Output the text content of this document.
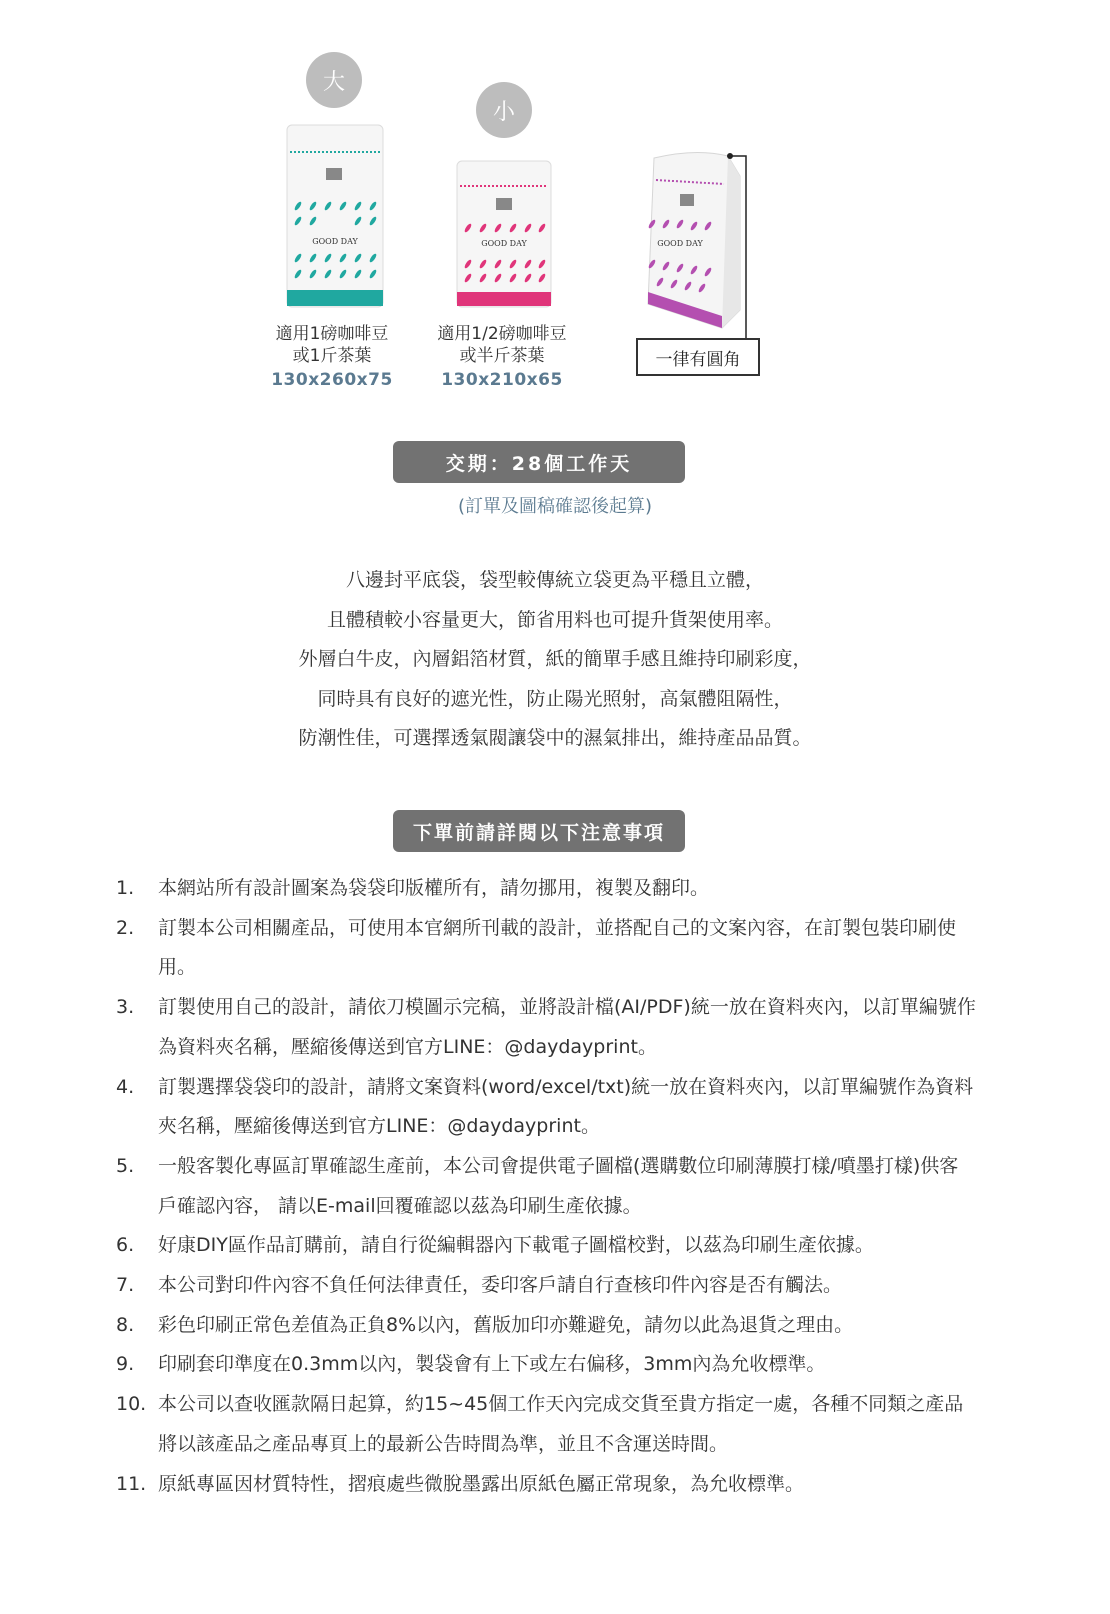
大
小
GOOD DAY	GOOD DAY	GOOD DAY
適用1磅咖啡豆
或1斤茶葉
130x260x75
適用1/2磅咖啡豆
或半斤茶葉
130x210x65
一律有圓角
交期：28個工作天
(訂單及圖稿確認後起算)
八邊封平底袋，袋型較傳統立袋更為平穩且立體，
且體積較小容量更大，節省用料也可提升貨架使用率。
外層白牛皮，內層鋁箔材質，紙的簡單手感且維持印刷彩度，
同時具有良好的遮光性，防止陽光照射，高氣體阻隔性，
防潮性佳，可選擇透氣閥讓袋中的濕氣排出，維持產品品質。
下單前請詳閱以下注意事項
1. 本網站所有設計圖案為袋袋印版權所有，請勿挪用，複製及翻印。
2. 訂製本公司相關產品，可使用本官網所刊載的設計，並搭配自己的文案內容，在訂製包裝印刷使用。
3. 訂製使用自己的設計，請依刀模圖示完稿，並將設計檔(AI/PDF)統一放在資料夾內，以訂單編號作為資料夾名稱，壓縮後傳送到官方LINE：@daydayprint。
4. 訂製選擇袋袋印的設計，請將文案資料(word/excel/txt)統一放在資料夾內，以訂單編號作為資料夾名稱，壓縮後傳送到官方LINE：@daydayprint。
5. 一般客製化專區訂單確認生產前，本公司會提供電子圖檔(選購數位印刷薄膜打樣/噴墨打樣)供客戶確認內容， 請以E-mail回覆確認以茲為印刷生產依據。
6. 好康DIY區作品訂購前，請自行從編輯器內下載電子圖檔校對，以茲為印刷生產依據。
7. 本公司對印件內容不負任何法律責任，委印客戶請自行查核印件內容是否有觸法。
8. 彩色印刷正常色差值為正負8%以內，舊版加印亦難避免，請勿以此為退貨之理由。
9. 印刷套印準度在0.3mm以內，製袋會有上下或左右偏移，3mm內為允收標準。
10. 本公司以查收匯款隔日起算，約15~45個工作天內完成交貨至貴方指定一處，各種不同類之產品將以該產品之產品專頁上的最新公告時間為準，並且不含運送時間。
11. 原紙專區因材質特性，摺痕處些微脫墨露出原紙色屬正常現象，為允收標準。
